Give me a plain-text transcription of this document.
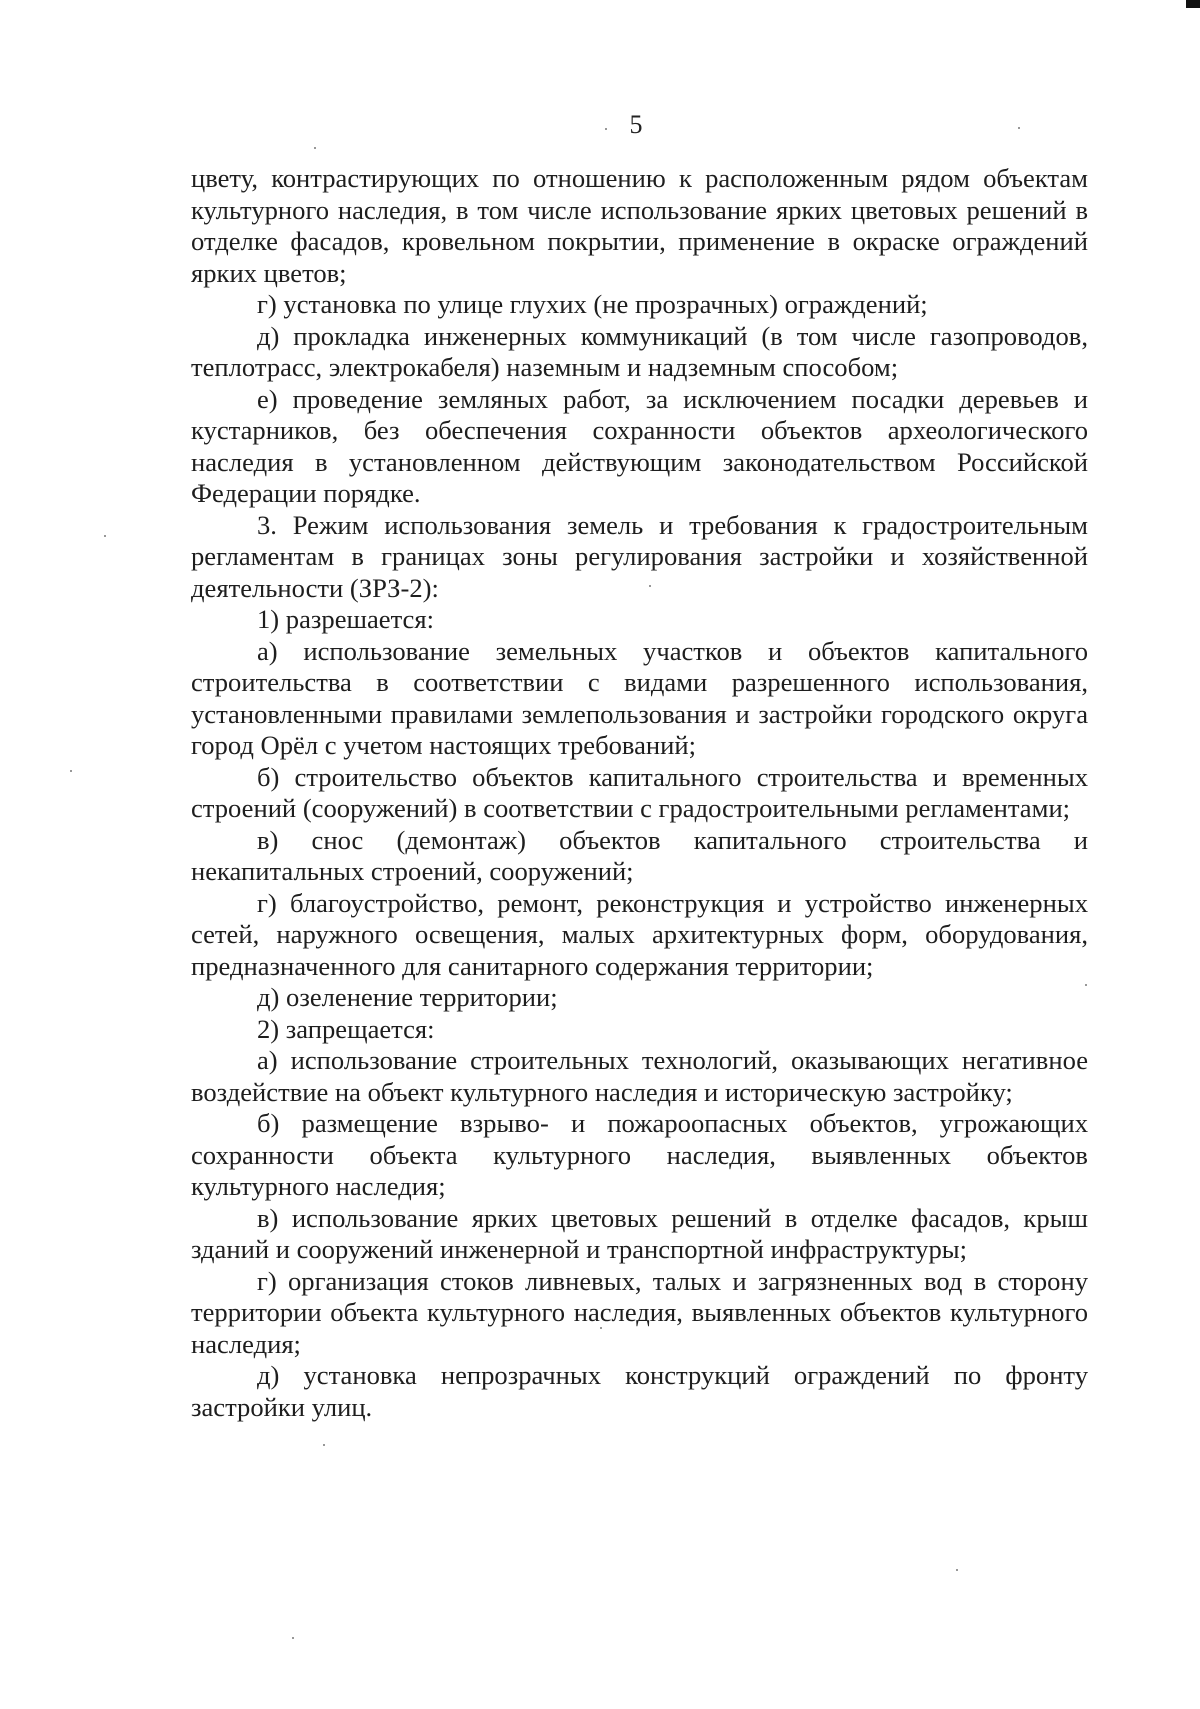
5

цвету, контрастирующих по отношению к расположенным рядом объектам культурного наследия, в том числе использование ярких цветовых решений в отделке фасадов, кровельном покрытии, применение в окраске ограждений ярких цветов;

г) установка по улице глухих (не прозрачных) ограждений;

д) прокладка инженерных коммуникаций (в том числе газопроводов, теплотрасс, электрокабеля) наземным и надземным способом;

е) проведение земляных работ, за исключением посадки деревьев и кустарников, без обеспечения сохранности объектов археологического наследия в установленном действующим законодательством Российской Федерации порядке.

3. Режим использования земель и требования к градостроительным регламентам в границах зоны регулирования застройки и хозяйственной деятельности (ЗРЗ-2):

1) разрешается:

а) использование земельных участков и объектов капитального строительства в соответствии с видами разрешенного использования, установленными правилами землепользования и застройки городского округа город Орёл с учетом настоящих требований;

б) строительство объектов капитального строительства и временных строений (сооружений) в соответствии с градостроительными регламентами;

в) снос (демонтаж) объектов капитального строительства и некапитальных строений, сооружений;

г) благоустройство, ремонт, реконструкция и устройство инженерных сетей, наружного освещения, малых архитектурных форм, оборудования, предназначенного для санитарного содержания территории;

д) озеленение территории;

2) запрещается:

а) использование строительных технологий, оказывающих негативное воздействие на объект культурного наследия и историческую застройку;

б) размещение взрыво- и пожароопасных объектов, угрожающих сохранности объекта культурного наследия, выявленных объектов культурного наследия;

в) использование ярких цветовых решений в отделке фасадов, крыш зданий и сооружений инженерной и транспортной инфраструктуры;

г) организация стоков ливневых, талых и загрязненных вод в сторону территории объекта культурного наследия, выявленных объектов культурного наследия;

д) установка непрозрачных конструкций ограждений по фронту застройки улиц.
